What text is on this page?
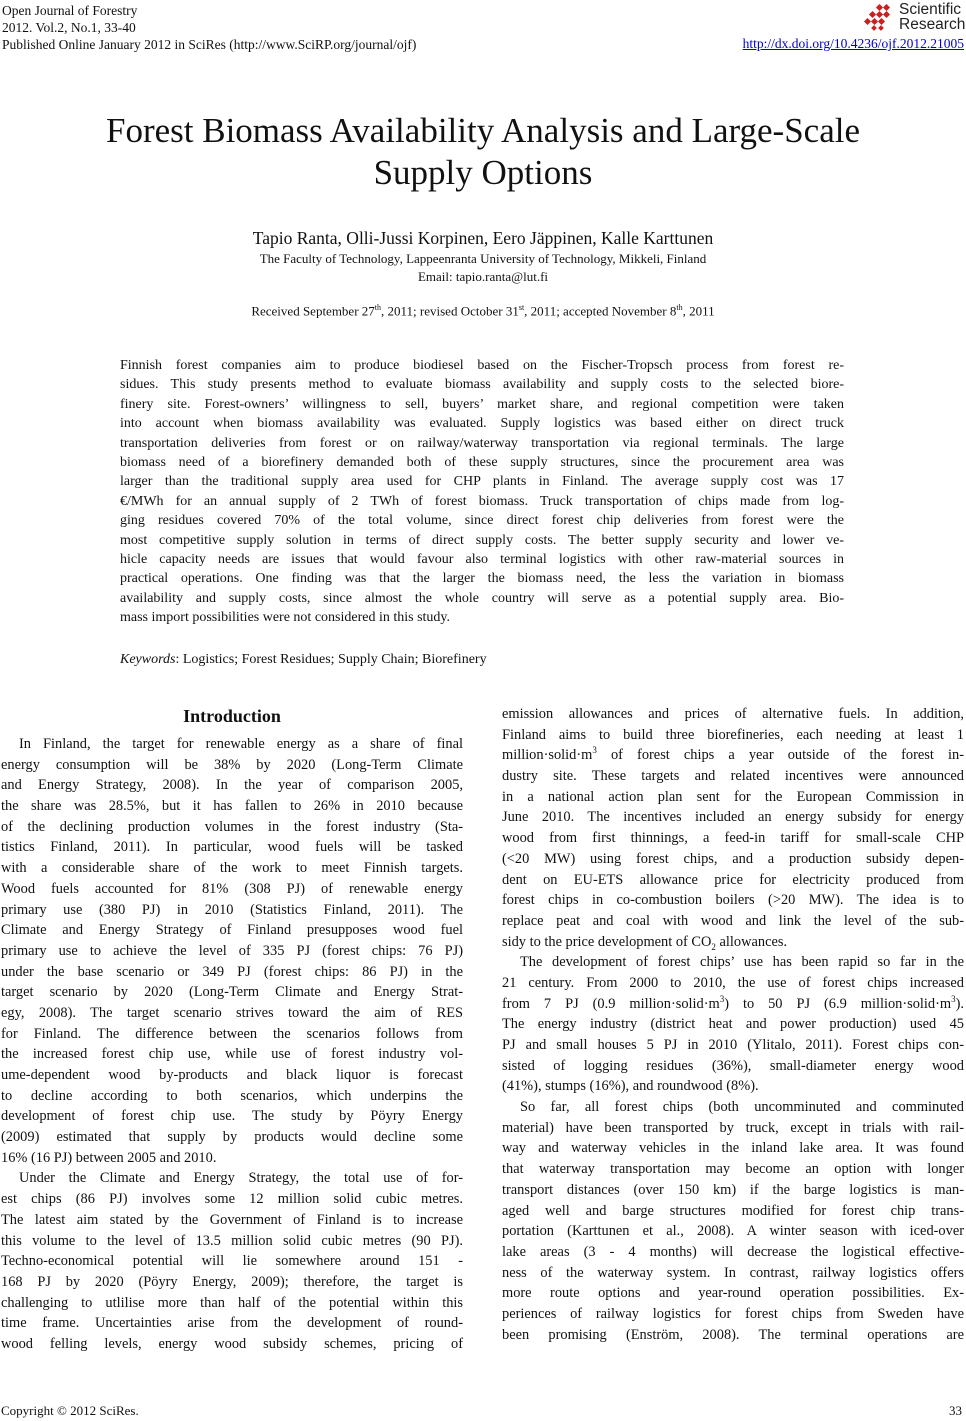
Open Journal of Forestry
2012. Vol.2, No.1, 33-40
Published Online January 2012 in SciRes (http://www.SciRP.org/journal/ojf)	http://dx.doi.org/10.4236/ojf.2012.21005
Scientific
Research
Forest Biomass Availability Analysis and Large-Scale
Supply Options
Tapio Ranta, Olli-Jussi Korpinen, Eero Jäppinen, Kalle Karttunen
The Faculty of Technology, Lappeenranta University of Technology, Mikkeli, Finland
Email: tapio.ranta@lut.fi
Received September 27th, 2011; revised October 31st, 2011; accepted November 8th, 2011
Finnish forest companies aim to produce biodiesel based on the Fischer-Tropsch process from forest re-
sidues. This study presents method to evaluate biomass availability and supply costs to the selected biore-
finery site. Forest-owners’ willingness to sell, buyers’ market share, and regional competition were taken
into account when biomass availability was evaluated. Supply logistics was based either on direct truck
transportation deliveries from forest or on railway/waterway transportation via regional terminals. The large
biomass need of a biorefinery demanded both of these supply structures, since the procurement area was
larger than the traditional supply area used for CHP plants in Finland. The average supply cost was 17
€/MWh for an annual supply of 2 TWh of forest biomass. Truck transportation of chips made from log-
ging residues covered 70% of the total volume, since direct forest chip deliveries from forest were the
most competitive supply solution in terms of direct supply costs. The better supply security and lower ve-
hicle capacity needs are issues that would favour also terminal logistics with other raw-material sources in
practical operations. One finding was that the larger the biomass need, the less the variation in biomass
availability and supply costs, since almost the whole country will serve as a potential supply area. Bio-
mass import possibilities were not considered in this study.
Keywords: Logistics; Forest Residues; Supply Chain; Biorefinery
Introduction
In Finland, the target for renewable energy as a share of final
energy consumption will be 38% by 2020 (Long-Term Climate
and Energy Strategy, 2008). In the year of comparison 2005,
the share was 28.5%, but it has fallen to 26% in 2010 because
of the declining production volumes in the forest industry (Sta-
tistics Finland, 2011). In particular, wood fuels will be tasked
with a considerable share of the work to meet Finnish targets.
Wood fuels accounted for 81% (308 PJ) of renewable energy
primary use (380 PJ) in 2010 (Statistics Finland, 2011). The
Climate and Energy Strategy of Finland presupposes wood fuel
primary use to achieve the level of 335 PJ (forest chips: 76 PJ)
under the base scenario or 349 PJ (forest chips: 86 PJ) in the
target scenario by 2020 (Long-Term Climate and Energy Strat-
egy, 2008). The target scenario strives toward the aim of RES
for Finland. The difference between the scenarios follows from
the increased forest chip use, while use of forest industry vol-
ume-dependent wood by-products and black liquor is forecast
to decline according to both scenarios, which underpins the
development of forest chip use. The study by Pöyry Energy
(2009) estimated that supply by products would decline some
16% (16 PJ) between 2005 and 2010.
Under the Climate and Energy Strategy, the total use of for-
est chips (86 PJ) involves some 12 million solid cubic metres.
The latest aim stated by the Government of Finland is to increase
this volume to the level of 13.5 million solid cubic metres (90 PJ).
Techno-economical potential will lie somewhere around 151 -
168 PJ by 2020 (Pöyry Energy, 2009); therefore, the target is
challenging to utlilise more than half of the potential within this
time frame. Uncertainties arise from the development of round-
wood felling levels, energy wood subsidy schemes, pricing of
emission allowances and prices of alternative fuels. In addition,
Finland aims to build three biorefineries, each needing at least 1
$million\cdot solid\cdot m^3$ of forest chips a year outside of the forest in-
dustry site. These targets and related incentives were announced
in a national action plan sent for the European Commission in
June 2010. The incentives included an energy subsidy for energy
wood from first thinnings, a feed-in tariff for small-scale CHP
(<20 MW) using forest chips, and a production subsidy depen-
dent on EU-ETS allowance price for electricity produced from
forest chips in co-combustion boilers (>20 MW). The idea is to
replace peat and coal with wood and link the level of the sub-
sidy to the price development of $CO_2$ allowances.
The development of forest chips’ use has been rapid so far in the
21 century. From 2000 to 2010, the use of forest chips increased
from 7 PJ (0.9 $million\cdot solid\cdot m^3$) to 50 PJ (6.9 $million\cdot solid\cdot m^3$).
The energy industry (district heat and power production) used 45
PJ and small houses 5 PJ in 2010 (Ylitalo, 2011). Forest chips con-
sisted of logging residues (36%), small-diameter energy wood
(41%), stumps (16%), and roundwood (8%).
So far, all forest chips (both uncomminuted and comminuted
material) have been transported by truck, except in trials with rail-
way and waterway vehicles in the inland lake area. It was found
that waterway transportation may become an option with longer
transport distances (over 150 km) if the barge logistics is man-
aged well and barge structures modified for forest chip trans-
portation (Karttunen et al., 2008). A winter season with iced-over
lake areas (3 - 4 months) will decrease the logistical effective-
ness of the waterway system. In contrast, railway logistics offers
more route options and year-round operation possibilities. Ex-
periences of railway logistics for forest chips from Sweden have
been promising (Enström, 2008). The terminal operations are
Copyright © 2012 SciRes.	33
